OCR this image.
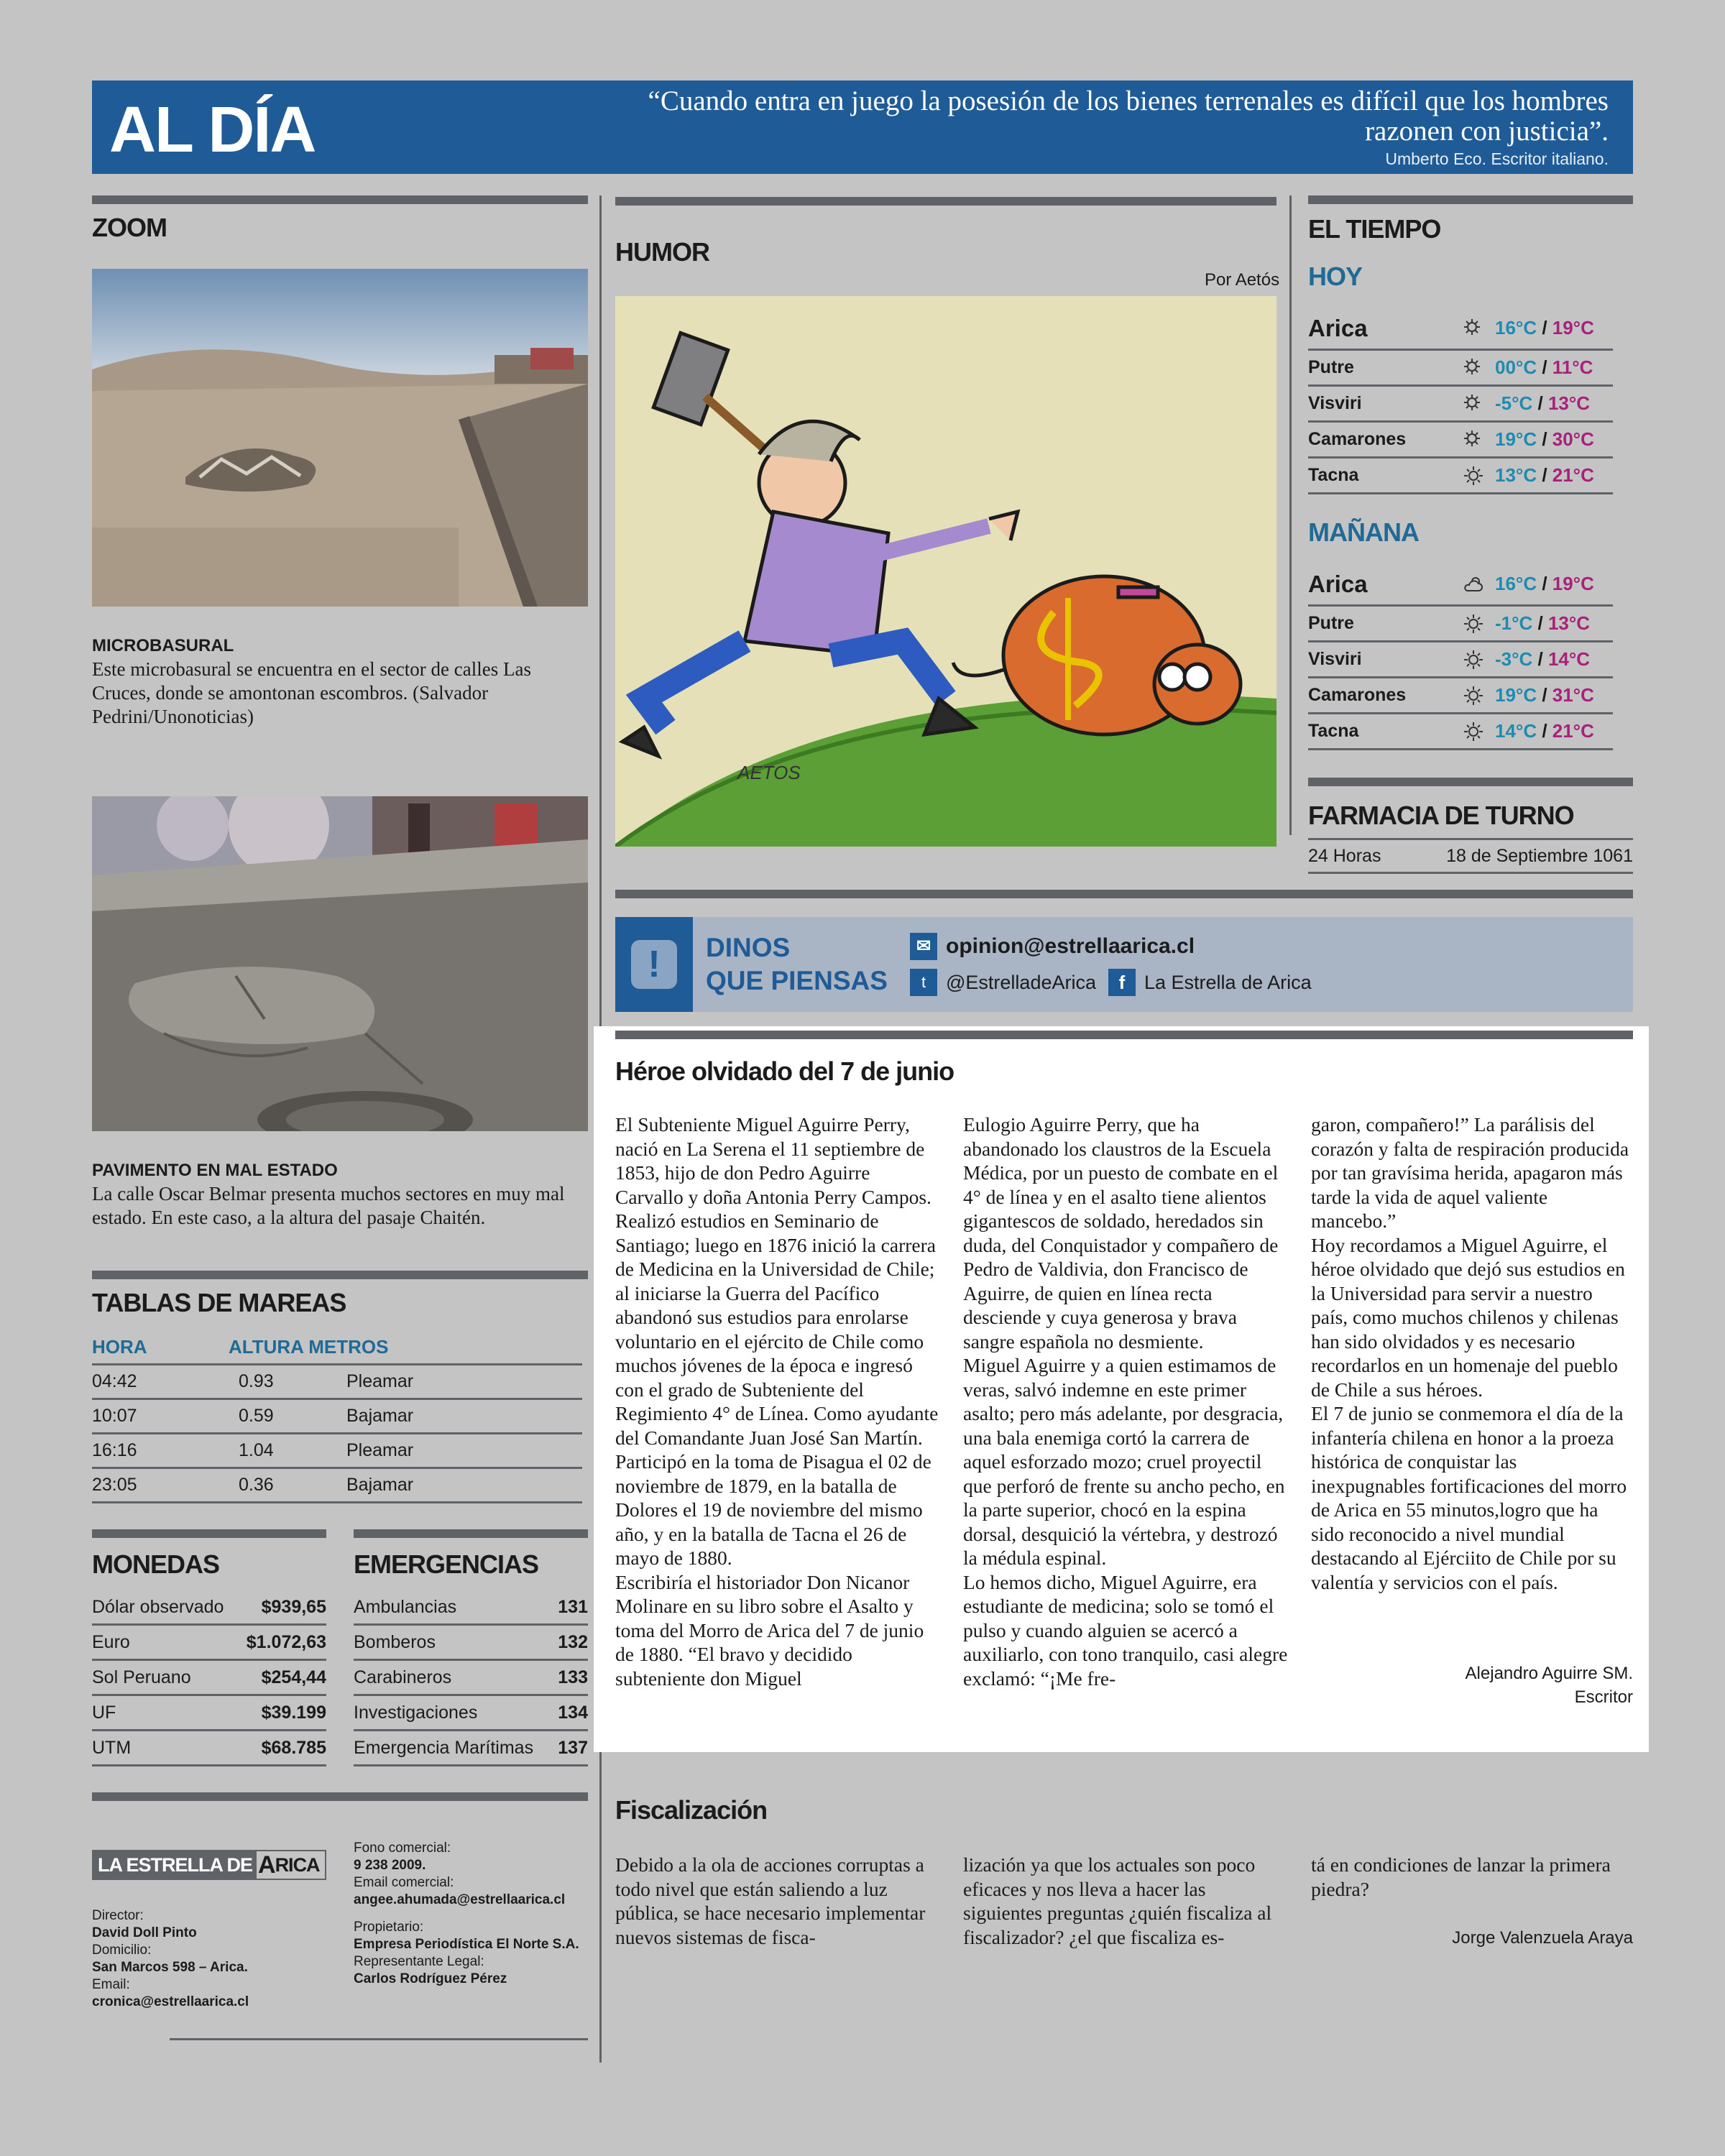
AL DÍA	“Cuando entra en juego la posesión de los bienes terrenales es difícil que los hombres razonen con justicia”.
Umberto Eco. Escritor italiano.
ZOOM
MICROBASURAL
Este microbasural se encuentra en el sector de calles Las Cruces, donde se amontonan escombros. (Salvador Pedrini/Unonoticias)
PAVIMENTO EN MAL ESTADO
La calle Oscar Belmar presenta muchos sectores en muy mal estado. En este caso, a la altura del pasaje Chaitén.
TABLAS DE MAREAS
HORA	ALTURA METROS
04:42	0.93	Pleamar
10:07	0.59	Bajamar
16:16	1.04	Pleamar
23:05	0.36	Bajamar
MONEDAS	EMERGENCIAS
Dólar observado $939,65
Euro	$1.072,63
Sol Peruano	$254,44
UF	$39.199
UTM	$68.785
Ambulancias	131
Bomberos	132
Carabineros	133
Investigaciones	134
Emergencia Marítimas 137
LA ESTRELLA DE A RICA
Director:
David Doll Pinto
Domicilio:
San Marcos 598 – Arica.
Email:
cronica@estrellaarica.cl
Fono comercial:
9 238 2009.
Email comercial:
angee.ahumada@estrellaarica.cl
Propietario:
Empresa Periodística El Norte S.A.
Representante Legal:
Carlos Rodríguez Pérez
HUMOR
Por Aetós
AETOS
EL TIEMPO
HOY
MAÑANA
Arica	16°C / 19°C
Putre	00°C / 11°C
Visviri	-5°C / 13°C
Camarones	19°C / 30°C
Tacna	13°C / 21°C
Arica	16°C / 19°C
Putre	-1°C / 13°C
Visviri	-3°C / 14°C
Camarones	19°C / 31°C
Tacna	14°C / 21°C
FARMACIA DE TURNO
24 Horas	18 de Septiembre 1061
!	DINOS
QUE PIENSAS
✉ opinion@estrellaarica.cl
t	@EstrelladeArica	f La Estrella de Arica
Héroe olvidado del 7 de junio

El Subteniente Miguel Aguirre Perry, nació en La Serena el 11 septiembre de 1853, hijo de don Pedro Aguirre Carvallo y doña Antonia Perry Campos.

Realizó estudios en Seminario de Santiago; luego en 1876 inició la carrera de Medicina en la Universidad de Chile; al iniciarse la Guerra del Pacífico abandonó sus estudios para enrolarse voluntario en el ejército de Chile como muchos jóvenes de la época e ingresó con el grado de Subteniente del Regimiento 4° de Línea. Como ayudante del Comandante Juan José San Martín.

Participó en la toma de Pisagua el 02 de noviembre de 1879, en la batalla de Dolores el 19 de noviembre del mismo año, y en la batalla de Tacna el 26 de mayo de 1880.

Escribiría el historiador Don Nicanor Molinare en su libro sobre el Asalto y toma del Morro de Arica del 7 de junio de 1880. “El bravo y decidido subteniente don Miguel

Eulogio Aguirre Perry, que ha abandonado los claustros de la Escuela Médica, por un puesto de combate en el 4° de línea y en el asalto tiene alientos gigantescos de soldado, heredados sin duda, del Conquistador y compañero de Pedro de Valdivia, don Francisco de Aguirre, de quien en línea recta desciende y cuya generosa y brava sangre española no desmiente.

Miguel Aguirre y a quien estimamos de veras, salvó indemne en este primer asalto; pero más adelante, por desgracia, una bala enemiga cortó la carrera de aquel esforzado mozo; cruel proyectil que perforó de frente su ancho pecho, en la parte superior, chocó en la espina dorsal, desquició la vértebra, y destrozó la médula espinal.

Lo hemos dicho, Miguel Aguirre, era estudiante de medicina; solo se tomó el pulso y cuando alguien se acercó a auxiliarlo, con tono tranquilo, casi alegre exclamó: “¡Me fre-

garon, compañero!” La parálisis del corazón y falta de respiración producida por tan gravísima herida, apagaron más tarde la vida de aquel valiente mancebo.”

Hoy recordamos a Miguel Aguirre, el héroe olvidado que dejó sus estudios en la Universidad para servir a nuestro país, como muchos chilenos y chilenas han sido olvidados y es necesario recordarlos en un homenaje del pueblo de Chile a sus héroes.

El 7 de junio se conmemora el día de la infantería chilena en honor a la proeza histórica de conquistar las inexpugnables fortificaciones del morro de Arica en 55 minutos,logro que ha sido reconocido a nivel mundial destacando al Ejérciito de Chile por su valentía y servicios con el país.

Alejandro Aguirre SM.
Escritor
Fiscalización
Debido a la ola de acciones corruptas a todo nivel que están saliendo a luz pública, se hace necesario implementar nuevos sistemas de fisca-
lización ya que los actuales son poco eficaces y nos lleva a hacer las siguientes preguntas ¿quién fiscaliza al fiscalizador? ¿el que fiscaliza es-
tá en condiciones de lanzar la primera piedra?
Jorge Valenzuela Araya
